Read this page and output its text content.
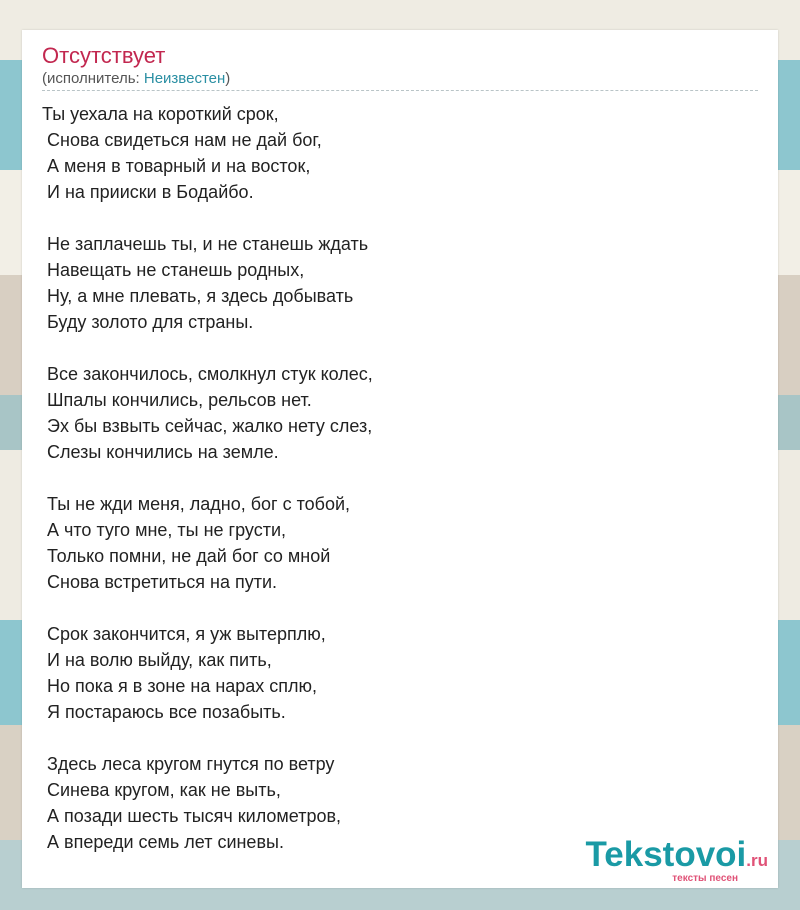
Отсутствует
(исполнитель: Неизвестен)
Ты уехала на короткий срок,
Снова свидеться нам не дай бог,
А меня в товарный и на восток,
И на прииски в Бодайбо.
Не заплачешь ты, и не станешь ждать
Навещать не станешь родных,
Ну, а мне плевать, я здесь добывать
Буду золото для страны.
Все закончилось, смолкнул стук колес,
Шпалы кончились, рельсов нет.
Эх бы взвыть сейчас, жалко нету слез,
Слезы кончились на земле.
Ты не жди меня, ладно, бог с тобой,
А что туго мне, ты не грусти,
Только помни, не дай бог со мной
Снова встретиться на пути.
Срок закончится, я уж вытерплю,
И на волю выйду, как пить,
Но пока я в зоне на нарах сплю,
Я постараюсь все позабыть.
Здесь леса кругом гнутся по ветру
Синева кругом, как не выть,
А позади шесть тысяч километров,
А впереди семь лет синевы.	Tekstovoi.ru
тексты песен
